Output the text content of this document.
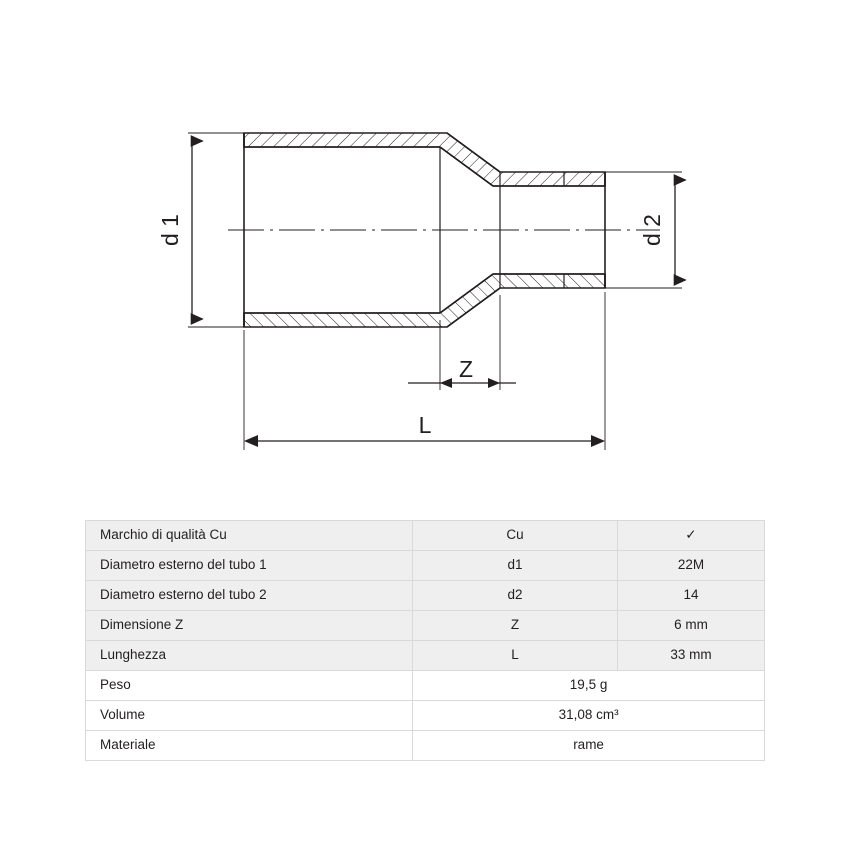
d 1	d 2
Z
L
Marchio di qualità Cu	Cu	✓
Diametro esterno del tubo 1	d1	22M
Diametro esterno del tubo 2	d2	14
Dimensione Z	Z	6 mm
Lunghezza	L	33 mm
Peso	19,5 g	
Volume	31,08 cm³	
Materiale	rame	
